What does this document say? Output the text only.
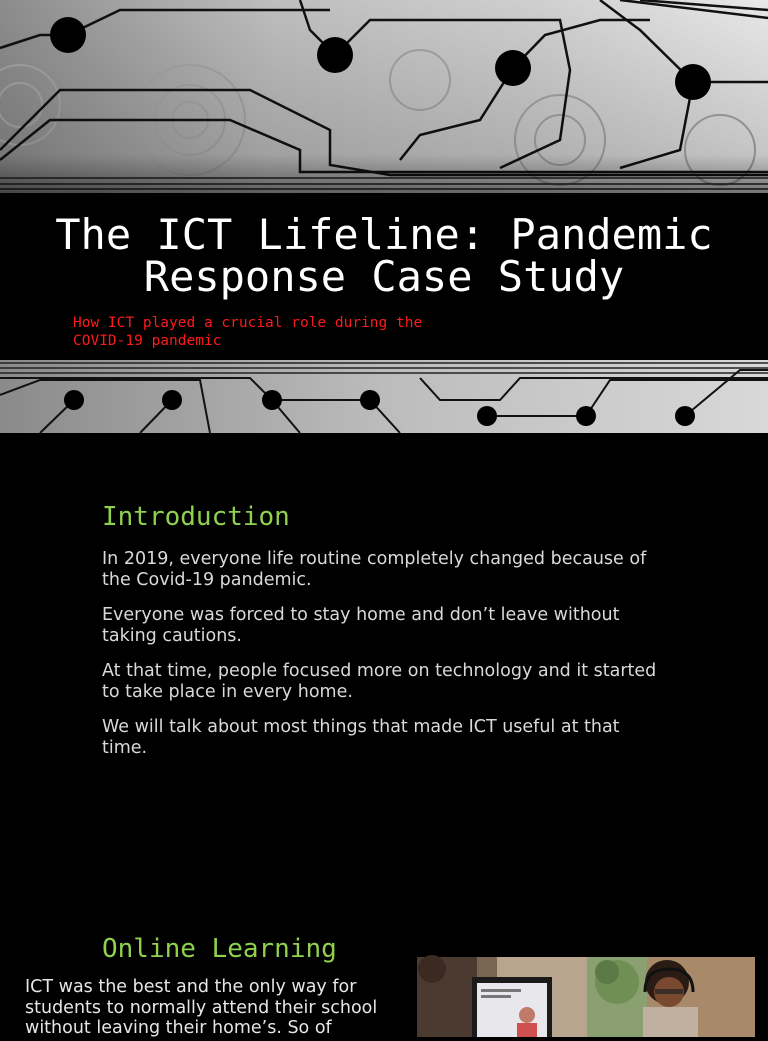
The ICT Lifeline: Pandemic
Response Case Study

How ICT played a crucial role during the
COVID-19 pandemic

Introduction

In 2019, everyone life routine completely changed because of the Covid-19 pandemic.

Everyone was forced to stay home and don’t leave without taking cautions.

At that time, people focused more on technology and it started to take place in every home.

We will talk about most things that made ICT useful at that time.

Online Learning

ICT was the best and the only way for students to normally attend their school without leaving their home’s. So of
